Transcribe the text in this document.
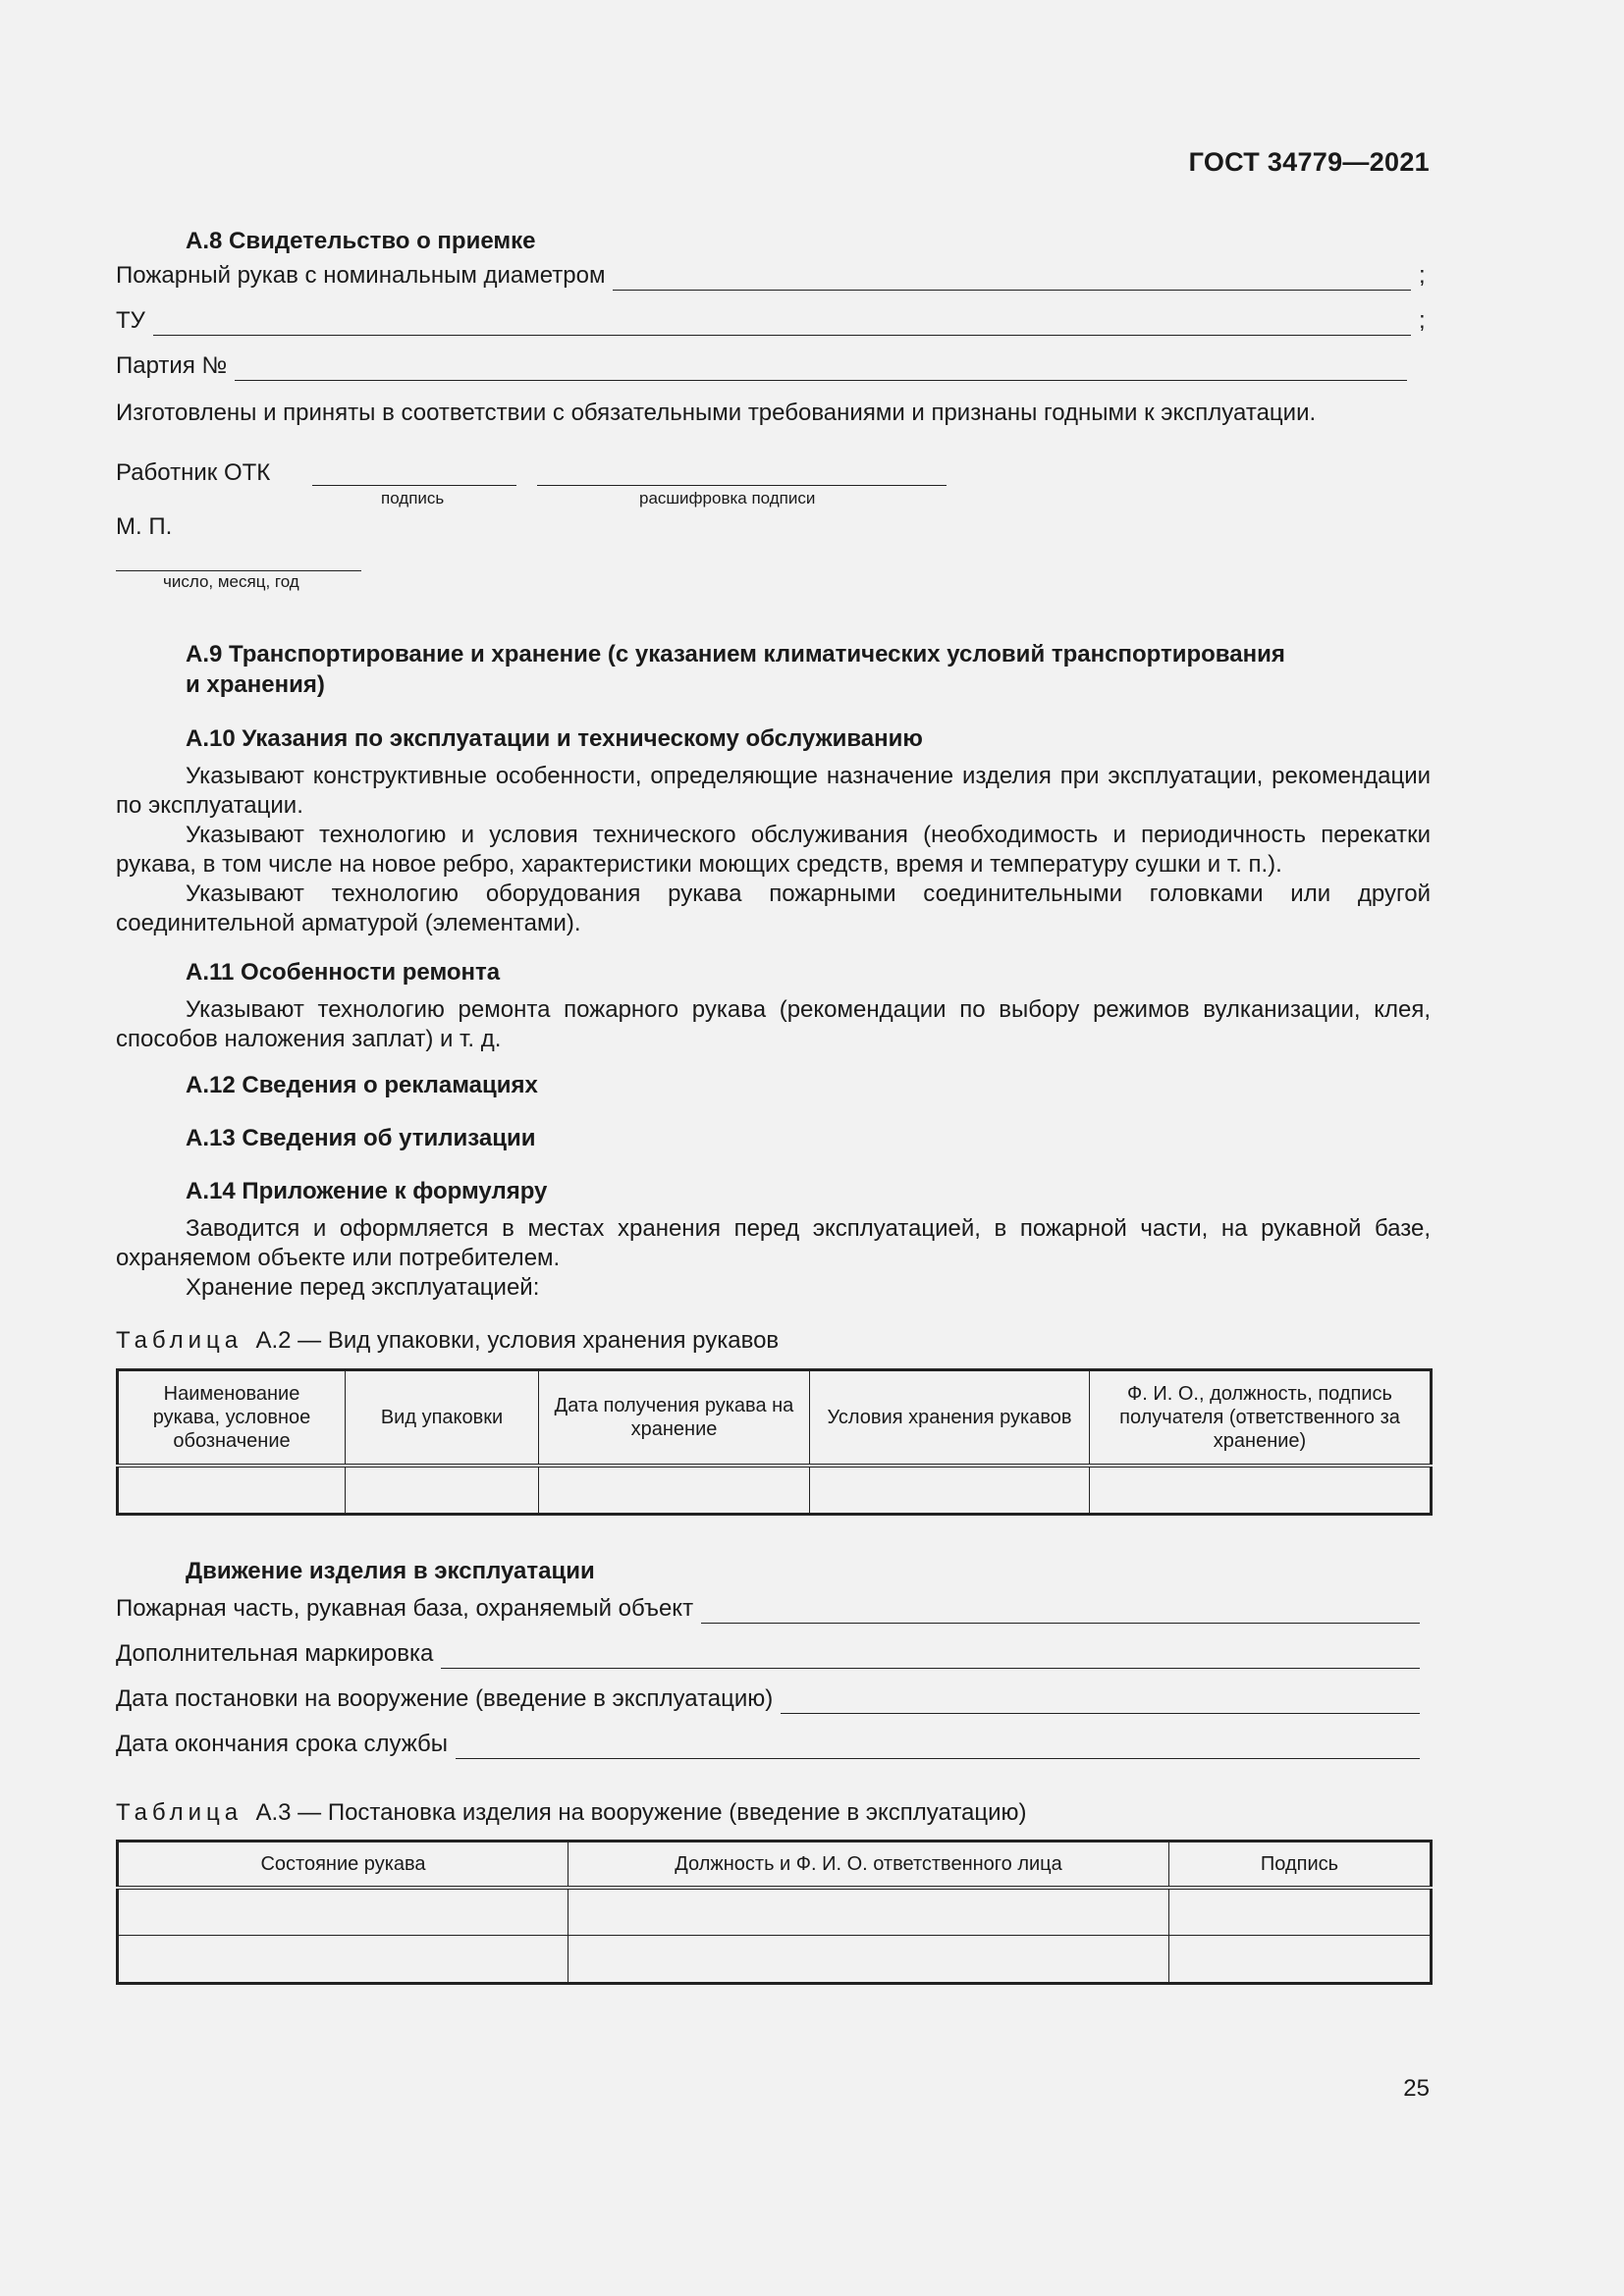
ГОСТ 34779—2021
А.8 Свидетельство о приемке
Пожарный рукав с номинальным диаметром	;
ТУ	;
Партия №
Изготовлены и приняты в соответствии с обязательными требованиями и признаны годными к эксплуатации.
Работник ОТК
подпись	расшифровка подписи
М. П.
число, месяц, год
А.9 Транспортирование и хранение (с указанием климатических условий транспортирования
и хранения)
А.10 Указания по эксплуатации и техническому обслуживанию
Указывают конструктивные особенности, определяющие назначение изделия при эксплуатации, рекомендации по эксплуатации.
Указывают технологию и условия технического обслуживания (необходимость и периодичность перекатки рукава, в том числе на новое ребро, характеристики моющих средств, время и температуру сушки и т. п.).
Указывают технологию оборудования рукава пожарными соединительными головками или другой соединительной арматурой (элементами).
А.11 Особенности ремонта
Указывают технологию ремонта пожарного рукава (рекомендации по выбору режимов вулканизации, клея, способов наложения заплат) и т. д.
А.12 Сведения о рекламациях
А.13 Сведения об утилизации
А.14 Приложение к формуляру
Заводится и оформляется в местах хранения перед эксплуатацией, в пожарной части, на рукавной базе, охраняемом объекте или потребителем.
Хранение перед эксплуатацией:
Таблица А.2 — Вид упаковки, условия хранения рукавов
Наименование рукава, условное обозначение	Вид упаковки	Дата получения рукава на хранение	Условия хранения рукавов	Ф. И. О., должность, подпись получателя (ответственного за хранение)

Движение изделия в эксплуатации
Пожарная часть, рукавная база, охраняемый объект
Дополнительная маркировка
Дата постановки на вооружение (введение в эксплуатацию)
Дата окончания срока службы
Таблица А.3 — Постановка изделия на вооружение (введение в эксплуатацию)
Состояние рукава	Должность и Ф. И. О. ответственного лица	Подпись

25
